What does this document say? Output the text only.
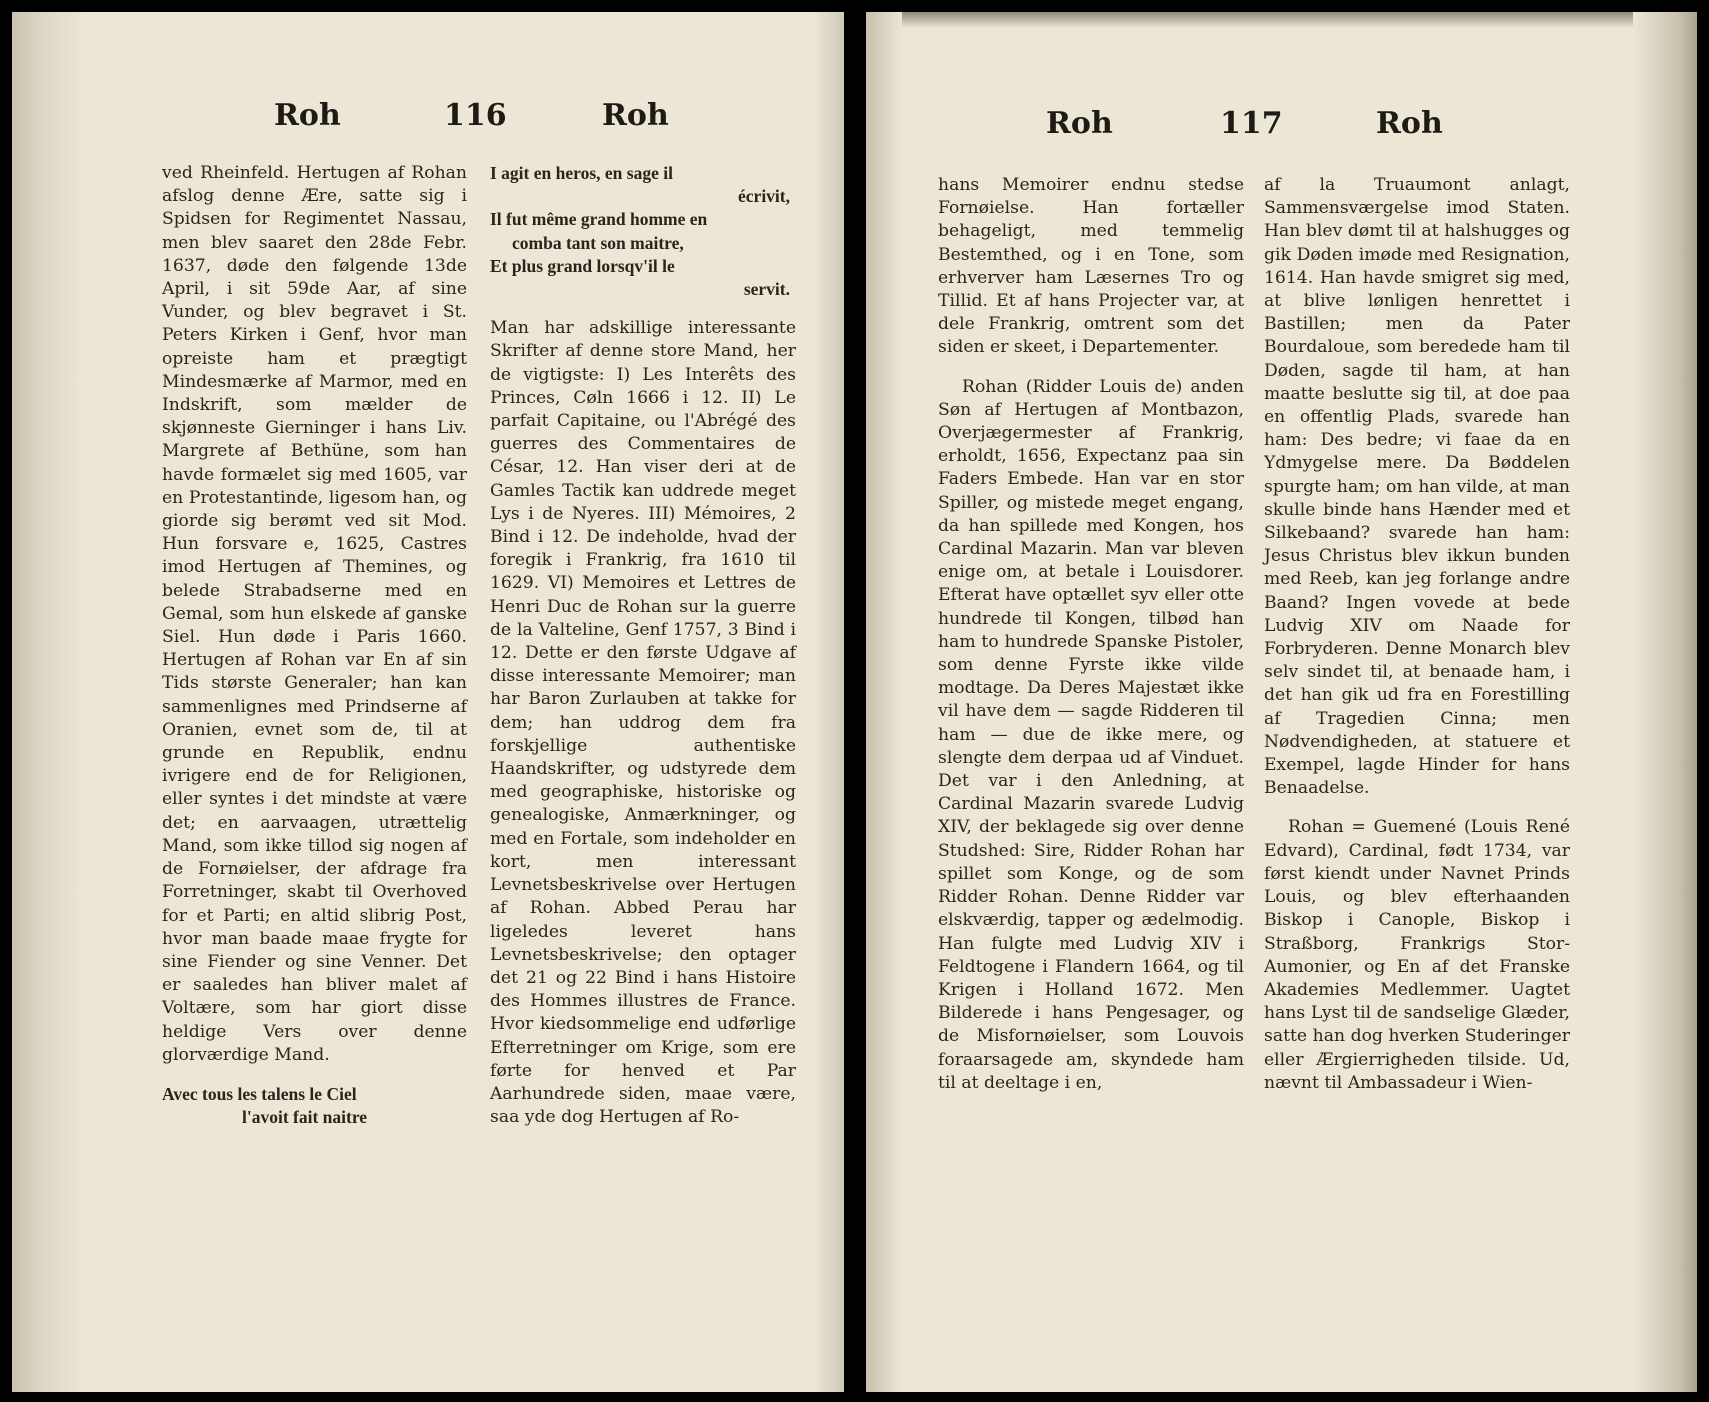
Roh	116	Roh

ved Rheinfeld. Hertugen af Rohan afslog denne Ære, satte sig i Spidsen for Regimentet Nassau, men blev saaret den 28de Febr. 1637, døde den følgende 13de April, i sit 59de Aar, af sine Vunder, og blev begravet i St. Peters Kirken i Genf, hvor man opreiste ham et prægtigt Mindesmærke af Marmor, med en Indskrift, som mælder de skjønneste Gierninger i hans Liv. Margrete af Bethüne, som han havde formælet sig med 1605, var en Protestantinde, ligesom han, og giorde sig berømt ved sit Mod. Hun forsvare e, 1625, Castres imod Hertugen af Themines, og belede Strabadserne med en Gemal, som hun elskede af ganske Siel. Hun døde i Paris 1660. Hertugen af Rohan var En af sin Tids største Generaler; han kan sammenlignes med Prindserne af Oranien, evnet som de, til at grunde en Republik, endnu ivrigere end de for Religionen, eller syntes i det mindste at være det; en aarvaagen, utrættelig Mand, som ikke tillod sig nogen af de Fornøielser, der afdrage fra Forretninger, skabt til Overhoved for et Parti; en altid slibrig Post, hvor man baade maae frygte for sine Fiender og sine Venner. Det er saaledes han bliver malet af Voltære, som har giort disse heldige Vers over denne glorværdige Mand.

Avec tous les talens le Ciel
l'avoit fait naitre
I agit en heros, en sage il
écrivit,
Il fut même grand homme en
comba tant son maitre,
Et plus grand lorsqv'il le
servit.

Man har adskillige interessante Skrifter af denne store Mand, her de vigtigste: I) Les Interêts des Princes, Cøln 1666 i 12. II) Le parfait Capitaine, ou l'Abrégé des guerres des Commentaires de César, 12. Han viser deri at de Gamles Tactik kan uddrede meget Lys i de Nyeres. III) Mémoires, 2 Bind i 12. De indeholde, hvad der foregik i Frankrig, fra 1610 til 1629. VI) Memoires et Lettres de Henri Duc de Rohan sur la guerre de la Valteline, Genf 1757, 3 Bind i 12. Dette er den første Udgave af disse interessante Memoirer; man har Baron Zurlauben at takke for dem; han uddrog dem fra forskjellige authentiske Haandskrifter, og udstyrede dem med geographiske, historiske og genealogiske, Anmærkninger, og med en Fortale, som indeholder en kort, men interessant Levnetsbeskrivelse over Hertugen af Rohan. Abbed Perau har ligeledes leveret hans Levnetsbeskrivelse; den optager det 21 og 22 Bind i hans Histoire des Hommes illustres de France. Hvor kiedsommelige end udførlige Efterretninger om Krige, som ere førte for henved et Par Aarhundrede siden, maae være, saa yde dog Hertugen af Ro-

Roh	117	Roh

hans Memoirer endnu stedse Fornøielse. Han fortæller behageligt, med temmelig Bestemthed, og i en Tone, som erhverver ham Læsernes Tro og Tillid. Et af hans Projecter var, at dele Frankrig, omtrent som det siden er skeet, i Departementer.

Rohan (Ridder Louis de) anden Søn af Hertugen af Montbazon, Overjægermester af Frankrig, erholdt, 1656, Expectanz paa sin Faders Embede. Han var en stor Spiller, og mistede meget engang, da han spillede med Kongen, hos Cardinal Mazarin. Man var bleven enige om, at betale i Louisdorer. Efterat have optællet syv eller otte hundrede til Kongen, tilbød han ham to hundrede Spanske Pistoler, som denne Fyrste ikke vilde modtage. Da Deres Majestæt ikke vil have dem — sagde Ridderen til ham — due de ikke mere, og slengte dem derpaa ud af Vinduet. Det var i den Anledning, at Cardinal Mazarin svarede Ludvig XIV, der beklagede sig over denne Studshed: Sire, Ridder Rohan har spillet som Konge, og de som Ridder Rohan. Denne Ridder var elskværdig, tapper og ædelmodig. Han fulgte med Ludvig XIV i Feldtogene i Flandern 1664, og til Krigen i Holland 1672. Men Bilderede i hans Pengesager, og de Misfornøielser, som Louvois foraarsagede am, skyndede ham til at deeltage i en,

af la Truaumont anlagt, Sammensværgelse imod Staten. Han blev dømt til at halshugges og gik Døden imøde med Resignation, 1614. Han havde smigret sig med, at blive lønligen henrettet i Bastillen; men da Pater Bourdaloue, som beredede ham til Døden, sagde til ham, at han maatte beslutte sig til, at doe paa en offentlig Plads, svarede han ham: Des bedre; vi faae da en Ydmygelse mere. Da Bøddelen spurgte ham; om han vilde, at man skulle binde hans Hænder med et Silkebaand? svarede han ham: Jesus Christus blev ikkun bunden med Reeb, kan jeg forlange andre Baand? Ingen vovede at bede Ludvig XIV om Naade for Forbryderen. Denne Monarch blev selv sindet til, at benaade ham, i det han gik ud fra en Forestilling af Tragedien Cinna; men Nødvendigheden, at statuere et Exempel, lagde Hinder for hans Benaadelse.

Rohan = Guemené (Louis René Edvard), Cardinal, født 1734, var først kiendt under Navnet Prinds Louis, og blev efterhaanden Biskop i Canople, Biskop i Straßborg, Frankrigs Stor-Aumonier, og En af det Franske Akademies Medlemmer. Uagtet hans Lyst til de sandselige Glæder, satte han dog hverken Studeringer eller Ærgierrigheden tilside. Ud, nævnt til Ambassadeur i Wien-
